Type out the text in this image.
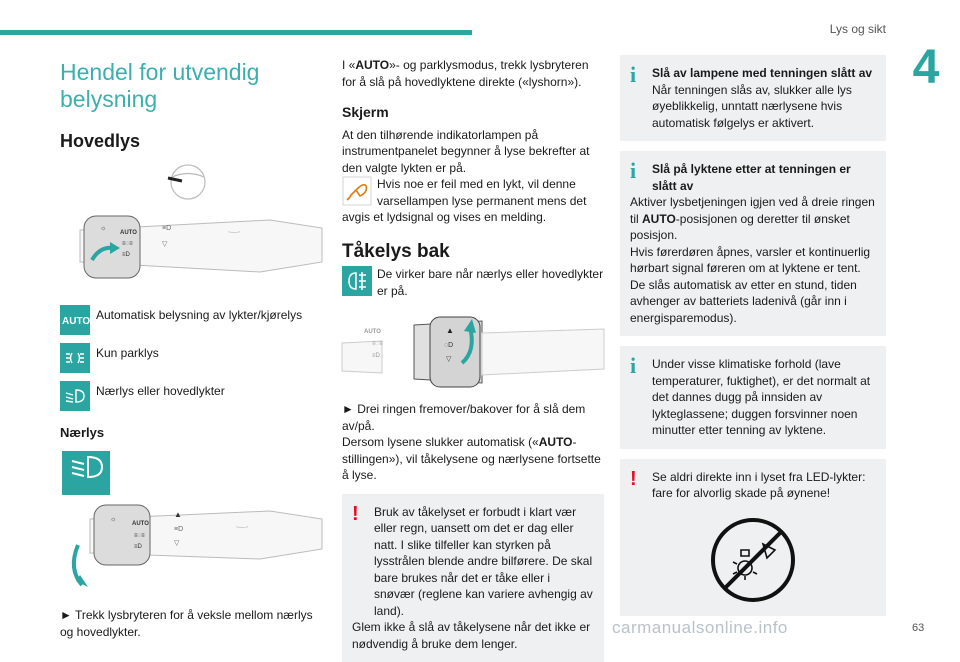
Lys og sikt
4
Hendel for utvendig belysning
Hovedlys
☼
AUTO
≡◌≡
≡D
≡D
▽
◦—◦
AUTO Automatisk belysning av lykter/kjørelys
Kun parklys
Nærlys eller hovedlykter
Nærlys
☼
AUTO
≡◌≡
≡D
▲
≡D
▽
◦—◦

► Trekk lysbryteren for å veksle mellom nærlys og hovedlykter.

I «AUTO»- og parklysmodus, trekk lysbryteren for å slå på hovedlyktene direkte («lyshorn»).

Skjerm

At den tilhørende indikatorlampen på instrumentpanelet begynner å lyse bekrefter at den valgte lykten er på.

Hvis noe er feil med en lykt, vil denne varsellampen lyse permanent mens det avgis et lydsignal og vises en melding.
Tåkelys bak
De virker bare når nærlys eller hovedlykter er på.
AUTO
≡◌≡
≡D
▲
◌D
▽

► Drei ringen fremover/bakover for å slå dem av/på.

Dersom lysene slukker automatisk («AUTO-stillingen»), vil tåkelysene og nærlysene fortsette å lyse.

!	Bruk av tåkelyset er forbudt i klart vær eller regn, uansett om det er dag eller natt. I slike tilfeller kan styrken på lysstrålen blende andre bilførere. De skal bare brukes når det er tåke eller i snøvær (reglene kan variere avhengig av land).

Glem ikke å slå av tåkelysene når det ikke er nødvendig å bruke dem lenger.

i	Slå av lampene med tenningen slått av

Når tenningen slås av, slukker alle lys øyeblikkelig, unntatt nærlysene hvis automatisk følgelys er aktivert.

i	Slå på lyktene etter at tenningen er slått av

Aktiver lysbetjeningen igjen ved å dreie ringen til AUTO-posisjonen og deretter til ønsket posisjon.

Hvis førerdøren åpnes, varsler et kontinuerlig hørbart signal føreren om at lyktene er tent.

De slås automatisk av etter en stund, tiden avhenger av batteriets ladenivå (går inn i energisparemodus).

i	Under visse klimatiske forhold (lave temperaturer, fuktighet), er det normalt at det dannes dugg på innsiden av lykteglassene; duggen forsvinner noen minutter etter tenning av lyktene.

!	Se aldri direkte inn i lyset fra LED-lykter: fare for alvorlig skade på øynene!

carmanualsonline.info	63
